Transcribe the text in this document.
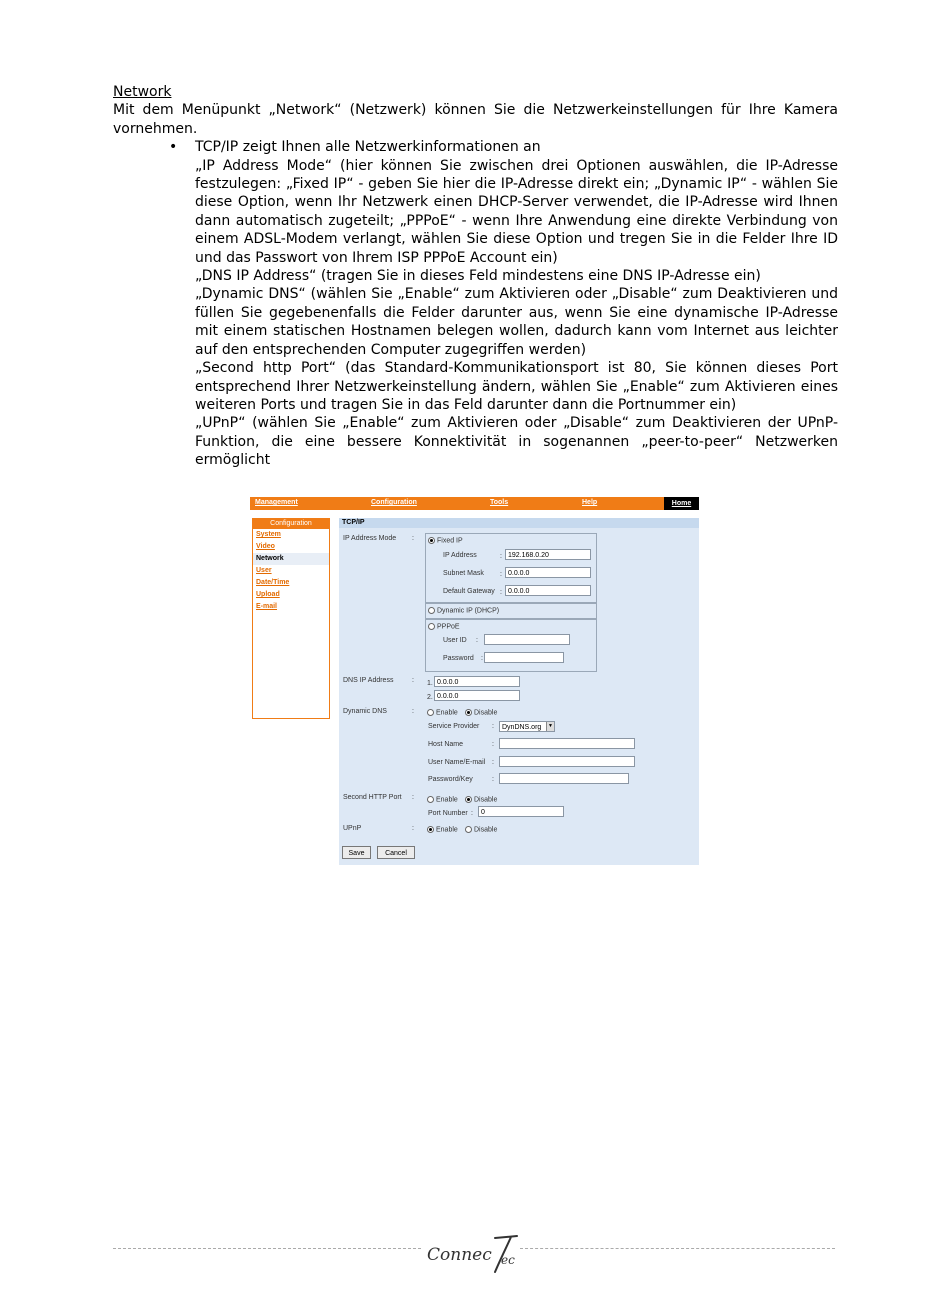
Network

Mit dem Menüpunkt „Network“ (Netzwerk) können Sie die Netzwerkeinstellungen für Ihre Kamera vornehmen.

• TCP/IP zeigt Ihnen alle Netzwerkinformationen an

„IP Address Mode“ (hier können Sie zwischen drei Optionen auswählen, die IP-Adresse festzulegen: „Fixed IP“ - geben Sie hier die IP-Adresse direkt ein; „Dynamic IP“ - wählen Sie diese Option, wenn Ihr Netzwerk einen DHCP-Server verwendet, die IP-Adresse wird Ihnen dann automatisch zugeteilt; „PPPoE“ - wenn Ihre Anwendung eine direkte Verbindung von einem ADSL-Modem verlangt, wählen Sie diese Option und tregen Sie in die Felder Ihre ID und das Passwort von Ihrem ISP PPPoE Account ein)

„DNS IP Address“ (tragen Sie in dieses Feld mindestens eine DNS IP-Adresse ein)

„Dynamic DNS“ (wählen Sie „Enable“ zum Aktivieren oder „Disable“ zum Deaktivieren und füllen Sie gegebenenfalls die Felder darunter aus, wenn Sie eine dynamische IP-Adresse mit einem statischen Hostnamen belegen wollen, dadurch kann vom Internet aus leichter auf den entsprechenden Computer zugegriffen werden)

„Second http Port“ (das Standard-Kommunikationsport ist 80, Sie können dieses Port entsprechend Ihrer Netzwerkeinstellung ändern, wählen Sie „Enable“ zum Aktivieren eines weiteren Ports und tragen Sie in das Feld darunter dann die Portnummer ein)

„UPnP“ (wählen Sie „Enable“ zum Aktivieren oder „Disable“ zum Deaktivieren der UPnP-Funktion, die eine bessere Konnektivität in sogenannen „peer-to-peer“ Netzwerken ermöglicht

Management	Configuration	Tools	Help	Home
Configuration
System
Video
Network
User
Date/Time
Upload
E-mail
TCP/IP
IP Address Mode :	Fixed IP
IP Address	: 192.168.0.20
Subnet Mask : 0.0.0.0
Default Gateway : 0.0.0.0
Dynamic IP (DHCP)
PPPoE
User ID :
Password :
DNS IP Address	: 1. 0.0.0.0
2. 0.0.0.0
Dynamic DNS	:	Enable	Disable
Service Provider :	DynDNS.org	▼
Host Name	:
User Name/E-mail :
Password/Key	:
Second HTTP Port :	Enable	Disable
Port Number :	0
UPnP	:	Enable	Disable
Save	Cancel
Connec ec
